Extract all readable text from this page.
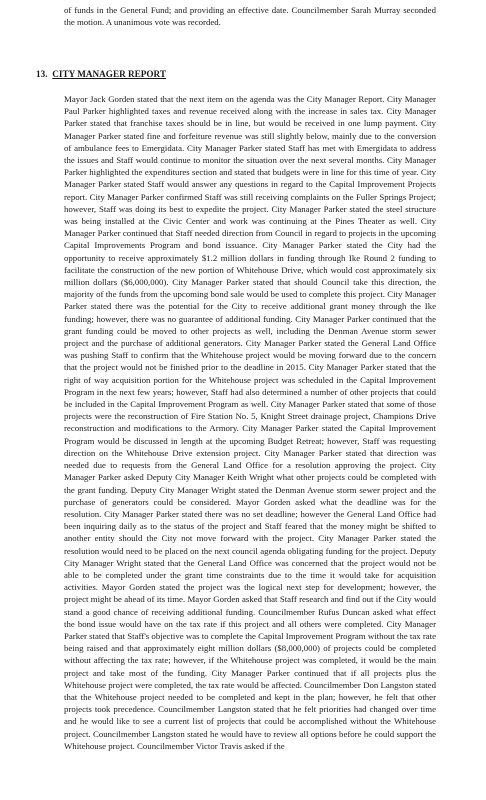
of funds in the General Fund; and providing an effective date. Councilmember Sarah Murray seconded the motion. A unanimous vote was recorded.

13. CITY MANAGER REPORT

Mayor Jack Gorden stated that the next item on the agenda was the City Manager Report. City Manager Paul Parker highlighted taxes and revenue received along with the increase in sales tax. City Manager Parker stated that franchise taxes should be in line, but would be received in one lump payment. City Manager Parker stated fine and forfeiture revenue was still slightly below, mainly due to the conversion of ambulance fees to Emergidata. City Manager Parker stated Staff has met with Emergidata to address the issues and Staff would continue to monitor the situation over the next several months. City Manager Parker highlighted the expenditures section and stated that budgets were in line for this time of year. City Manager Parker stated Staff would answer any questions in regard to the Capital Improvement Projects report. City Manager Parker confirmed Staff was still receiving complaints on the Fuller Springs Project; however, Staff was doing its best to expedite the project. City Manager Parker stated the steel structure was being installed at the Civic Center and work was continuing at the Pines Theater as well. City Manager Parker continued that Staff needed direction from Council in regard to projects in the upcoming Capital Improvements Program and bond issuance. City Manager Parker stated the City had the opportunity to receive approximately $1.2 million dollars in funding through Ike Round 2 funding to facilitate the construction of the new portion of Whitehouse Drive, which would cost approximately six million dollars ($6,000,000). City Manager Parker stated that should Council take this direction, the majority of the funds from the upcoming bond sale would be used to complete this project. City Manager Parker stated there was the potential for the City to receive additional grant money through the Ike funding; however, there was no guarantee of additional funding. City Manager Parker continued that the grant funding could be moved to other projects as well, including the Denman Avenue storm sewer project and the purchase of additional generators. City Manager Parker stated the General Land Office was pushing Staff to confirm that the Whitehouse project would be moving forward due to the concern that the project would not be finished prior to the deadline in 2015. City Manager Parker stated that the right of way acquisition portion for the Whitehouse project was scheduled in the Capital Improvement Program in the next few years; however, Staff had also determined a number of other projects that could be included in the Capital Improvement Program as well. City Manager Parker stated that some of those projects were the reconstruction of Fire Station No. 5, Knight Street drainage project, Champions Drive reconstruction and modifications to the Armory. City Manager Parker stated the Capital Improvement Program would be discussed in length at the upcoming Budget Retreat; however, Staff was requesting direction on the Whitehouse Drive extension project. City Manager Parker stated that direction was needed due to requests from the General Land Office for a resolution approving the project. City Manager Parker asked Deputy City Manager Keith Wright what other projects could be completed with the grant funding. Deputy City Manager Wright stated the Denman Avenue storm sewer project and the purchase of generators could be considered. Mayor Gorden asked what the deadline was for the resolution. City Manager Parker stated there was no set deadline; however the General Land Office had been inquiring daily as to the status of the project and Staff feared that the money might be shifted to another entity should the City not move forward with the project. City Manager Parker stated the resolution would need to be placed on the next council agenda obligating funding for the project. Deputy City Manager Wright stated that the General Land Office was concerned that the project would not be able to be completed under the grant time constraints due to the time it would take for acquisition activities. Mayor Gorden stated the project was the logical next step for development; however, the project might be ahead of its time. Mayor Gorden asked that Staff research and find out if the City would stand a good chance of receiving additional funding. Councilmember Rufus Duncan asked what effect the bond issue would have on the tax rate if this project and all others were completed. City Manager Parker stated that Staff's objective was to complete the Capital Improvement Program without the tax rate being raised and that approximately eight million dollars ($8,000,000) of projects could be completed without affecting the tax rate; however, if the Whitehouse project was completed, it would be the main project and take most of the funding. City Manager Parker continued that if all projects plus the Whitehouse project were completed, the tax rate would be affected. Councilmember Don Langston stated that the Whitehouse project needed to be completed and kept in the plan; however, he felt that other projects took precedence. Councilmember Langston stated that he felt priorities had changed over time and he would like to see a current list of projects that could be accomplished without the Whitehouse project. Councilmember Langston stated he would have to review all options before he could support the Whitehouse project. Councilmember Victor Travis asked if the
